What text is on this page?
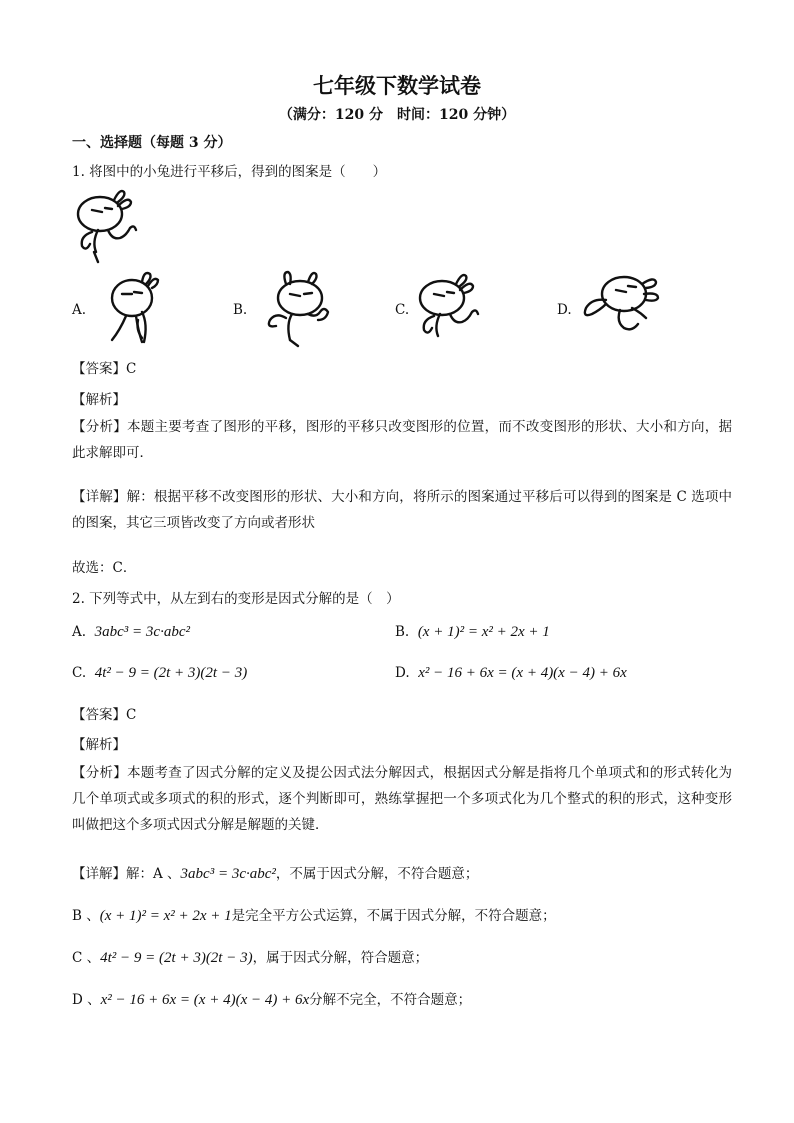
七年级下数学试卷
（满分：120 分　时间：120 分钟）
一、选择题（每题 3 分）
1. 将图中的小兔进行平移后，得到的图案是（　　）
A.	B.	C.	D.
【答案】C
【解析】
【分析】本题主要考查了图形的平移，图形的平移只改变图形的位置，而不改变图形的形状、大小和方向，据此求解即可．
【详解】解：根据平移不改变图形的形状、大小和方向，将所示的图案通过平移后可以得到的图案是 C 选项中的图案，其它三项皆改变了方向或者形状
故选：C．
2. 下列等式中，从左到右的变形是因式分解的是（　）
A. 3abc³ = 3c·abc²	B. (x + 1)² = x² + 2x + 1
C. 4t² − 9 = (2t + 3)(2t − 3)	D. x² − 16 + 6x = (x + 4)(x − 4) + 6x
【答案】C
【解析】
【分析】本题考查了因式分解的定义及提公因式法分解因式，根据因式分解是指将几个单项式和的形式转化为几个单项式或多项式的积的形式，逐个判断即可，熟练掌握把一个多项式化为几个整式的积的形式，这种变形叫做把这个多项式因式分解是解题的关键．
【详解】解：A 、3abc³ = 3c·abc²，不属于因式分解，不符合题意；
B 、(x + 1)² = x² + 2x + 1是完全平方公式运算，不属于因式分解，不符合题意；
C 、4t² − 9 = (2t + 3)(2t − 3)，属于因式分解，符合题意；
D 、x² − 16 + 6x = (x + 4)(x − 4) + 6x分解不完全，不符合题意；
